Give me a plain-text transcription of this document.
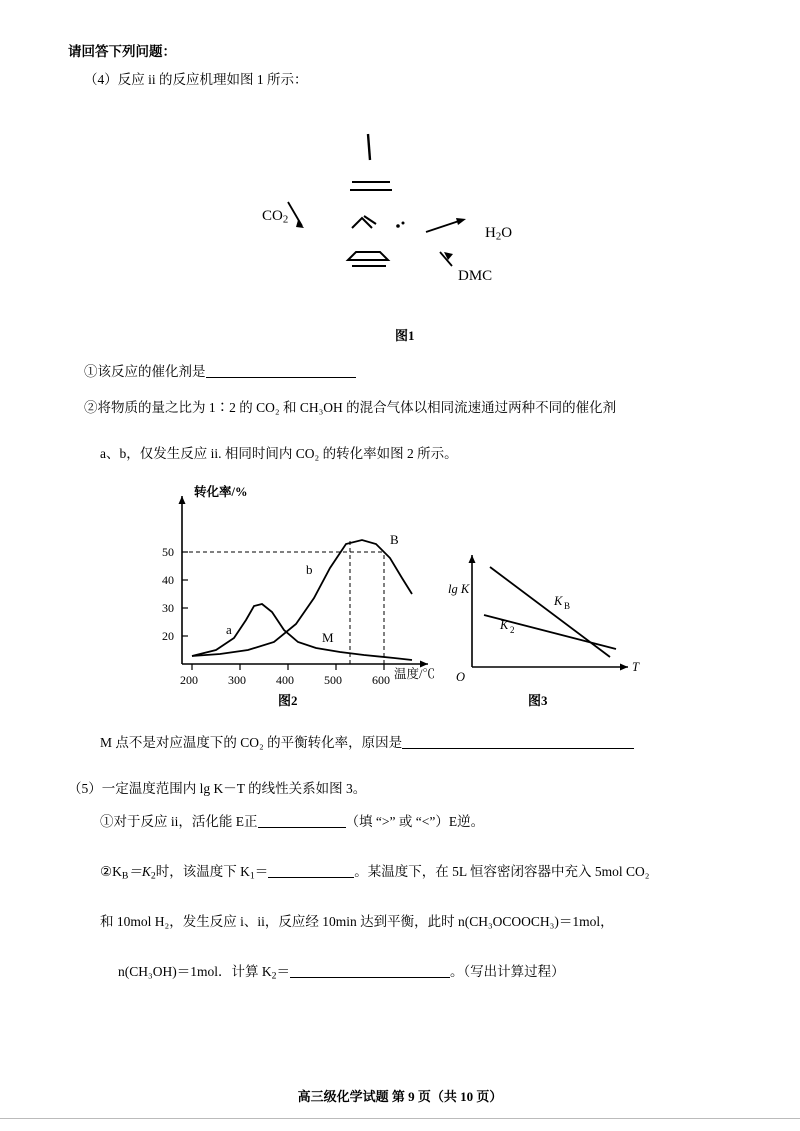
请回答下列问题：
（4）反应 ii 的反应机理如图 1 所示：
$CO_2$
$H_2O$
DMC
图1
①该反应的催化剂是
②将物质的量之比为 1∶2 的 CO₂ 和 CH₃OH 的混合气体以相同流速通过两种不同的催化剂
a、b，仅发生反应 ii. 相同时间内 CO₂ 的转化率如图 2 所示。
20
30
40
50
200	300	400	500	600
a
b
B
M
转化率/%
温度/℃
图2
lg K
O
T
K B
K 2
图3
M 点不是对应温度下的 CO₂ 的平衡转化率，原因是
（5）一定温度范围内 lg K－T 的线性关系如图 3。
①对于反应 ii，活化能 E正	（填 “>” 或 “<”）E逆。
$②K_B=K_2$时，该温度下 $K_1=$	。某温度下，在 5L 恒容密闭容器中充入 5mol CO₂
和 10mol H₂，发生反应 i、ii，反应经 10min 达到平衡，此时 n(CH₃OCOOCH₃)＝1mol，
n(CH₃OH)＝1mol．计算 $K_2=$	。（写出计算过程）
高三级化学试题 第 9 页（共 10 页）
